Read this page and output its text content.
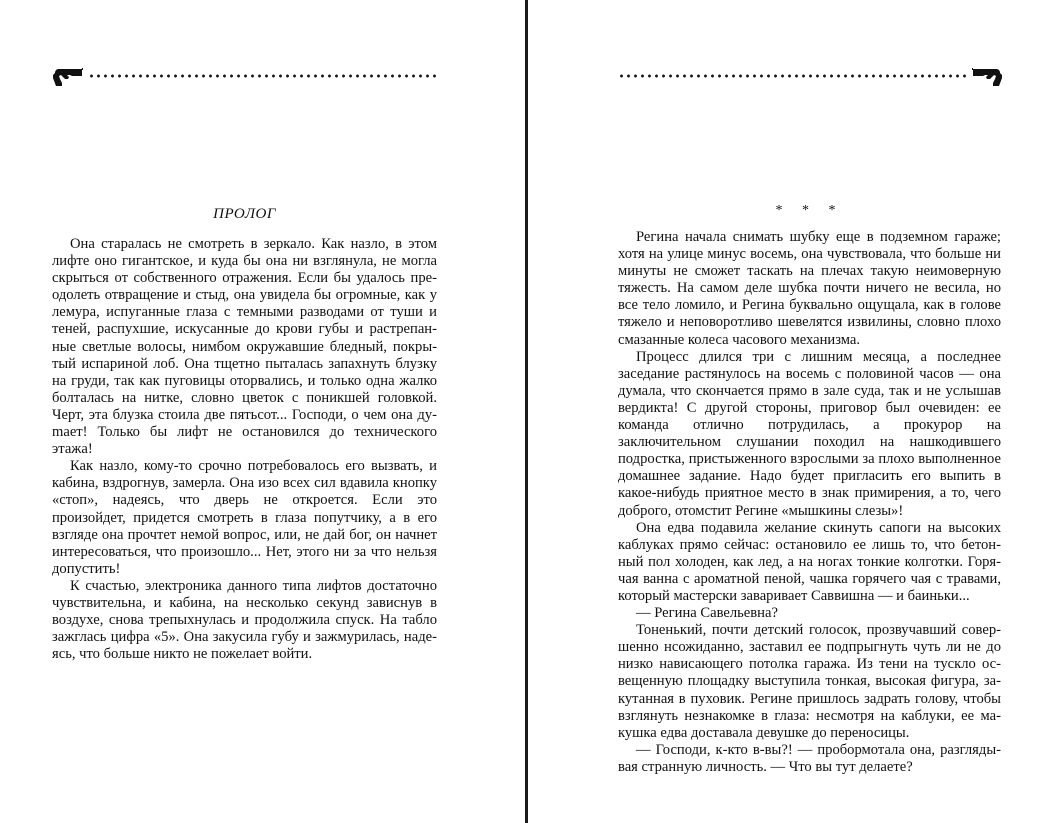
ПРОЛОГ

Она старалась не смотреть в зеркало. Как назло, в этом лифте оно гигантское, и куда бы она ни взглянула, не могла скрыться от собственного отражения. Если бы удалось преодолеть отвращение и стыд, она увидела бы огромные, как у лемура, испуганные глаза с темными разводами от туши и теней, распухшие, искусанные до крови губы и растрепанные светлые волосы, нимбом окружавшие бледный, покрытый испариной лоб. Она тщетно пыталась запахнуть блузку на груди, так как пуговицы оторвались, и только одна жалко болталась на нитке, словно цветок с поникшей головкой. Черт, эта блузка стоила две пятьсот... Господи, о чем она дуmает! Только бы лифт не остановился до технического этажа!

Как назло, кому-то срочно потребовалось его вызвать, и кабина, вздрогнув, замерла. Она изо всех сил вдавила кнопку «стоп», надеясь, что дверь не откроется. Если это произойдет, придется смотреть в глаза попутчику, а в его взгляде она прочтет немой вопрос, или, не дай бог, он начнет интересоваться, что произошло... Нет, этого ни за что нельзя допустить!

К счастью, электроника данного типа лифтов достаточно чувствительна, и кабина, на несколько секунд зависнув в воздухе, снова трепыхнулась и продолжила спуск. На табло зажглась цифра «5». Она закусила губу и зажмурилась, надеясь, что больше никто не пожелает войти.

* * *

Регина начала снимать шубку еще в подземном гараже; хотя на улице минус восемь, она чувствовала, что больше ни минуты не сможет таскать на плечах такую неимоверную тяжесть. На самом деле шубка почти ничего не весила, но все тело ломило, и Регина буквально ощущала, как в голове тяжело и неповоротливо шевелятся извилины, словно плохо смазанные колеса часового механизма.

Процесс длился три с лишним месяца, а последнее заседание растянулось на восемь с половиной часов — она думала, что скончается прямо в зале суда, так и не услышав вердикта! С другой стороны, приговор был очевиден: ее команда отлично потрудилась, а прокурор на заключительном слушании походил на нашкодившего подростка, пристыженного взрослыми за плохо выполненное домашнее задание. Надо будет пригласить его выпить в какое-нибудь приятное место в знак примирения, а то, чего доброго, отомстит Регине «мышкины слезы»!

Она едва подавила желание скинуть сапоги на высоких каблуках прямо сейчас: остановило ее лишь то, что бетонный пол холоден, как лед, а на ногах тонкие колготки. Горячая ванна с ароматной пеной, чашка горячего чая с травами, который мастерски заваривает Саввишна — и баиньки...

— Регина Савельевна?

Тоненький, почти детский голосок, прозвучавший совершенно нсожиданно, заставил ее подпрыгнуть чуть ли не до низко нависающего потолка гаража. Из тени на тускло освещенную площадку выступила тонкая, высокая фигура, закутанная в пуховик. Регине пришлось задрать голову, чтобы взглянуть незнакомке в глаза: несмотря на каблуки, ее макушка едва доставала девушке до переносицы.

— Господи, к-кто в-вы?! — пробормотала она, разглядывая странную личность. — Что вы тут делаете?
